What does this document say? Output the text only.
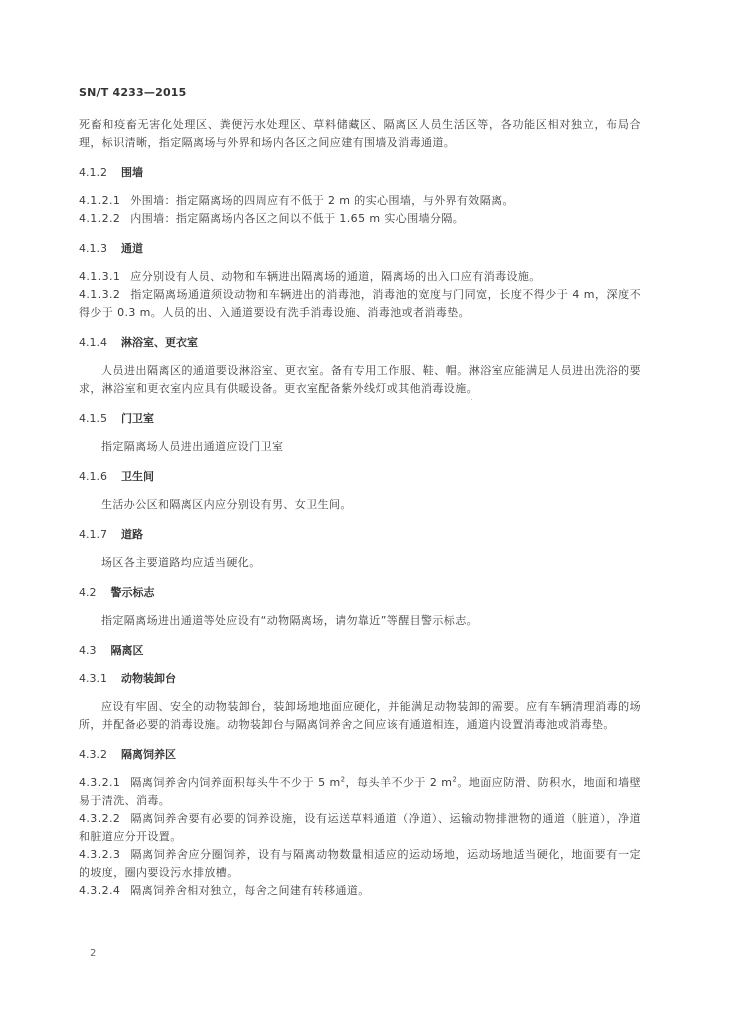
SN/T 4233—2015

死畜和疫畜无害化处理区、粪便污水处理区、草料储藏区、隔离区人员生活区等，各功能区相对独立，布局合理，标识清晰，指定隔离场与外界和场内各区之间应建有围墙及消毒通道。

4.1.2 围墙

4.1.2.1 外围墙：指定隔离场的四周应有不低于 2 m 的实心围墙，与外界有效隔离。

4.1.2.2 内围墙：指定隔离场内各区之间以不低于 1.65 m 实心围墙分隔。

4.1.3 通道

4.1.3.1 应分别设有人员、动物和车辆进出隔离场的通道，隔离场的出入口应有消毒设施。

4.1.3.2 指定隔离场通道须设动物和车辆进出的消毒池，消毒池的宽度与门同宽，长度不得少于 4 m，深度不得少于 0.3 m。人员的出、入通道要设有洗手消毒设施、消毒池或者消毒垫。

4.1.4 淋浴室、更衣室

人员进出隔离区的通道要设淋浴室、更衣室。备有专用工作服、鞋、帽。淋浴室应能满足人员进出洗浴的要求，淋浴室和更衣室内应具有供暖设备。更衣室配备紫外线灯或其他消毒设施。

4.1.5 门卫室

指定隔离场人员进出通道应设门卫室

4.1.6 卫生间

生活办公区和隔离区内应分别设有男、女卫生间。

4.1.7 道路

场区各主要道路均应适当硬化。

4.2 警示标志

指定隔离场进出通道等处应设有“动物隔离场，请勿靠近”等醒目警示标志。

4.3 隔离区

4.3.1 动物装卸台

应设有牢固、安全的动物装卸台，装卸场地地面应硬化，并能满足动物装卸的需要。应有车辆清理消毒的场所，并配备必要的消毒设施。动物装卸台与隔离饲养舍之间应该有通道相连，通道内设置消毒池或消毒垫。

4.3.2 隔离饲养区

4.3.2.1 隔离饲养舍内饲养面积每头牛不少于 5 $m^2$，每头羊不少于 2 $m^2$。地面应防滑、防积水，地面和墙壁易于清洗、消毒。

4.3.2.2 隔离饲养舍要有必要的饲养设施，设有运送草料通道（净道）、运输动物排泄物的通道（脏道），净道和脏道应分开设置。

4.3.2.3 隔离饲养舍应分圈饲养，设有与隔离动物数量相适应的运动场地，运动场地适当硬化，地面要有一定的坡度，圈内要设污水排放槽。

4.3.2.4 隔离饲养舍相对独立，每舍之间建有转移通道。

2
